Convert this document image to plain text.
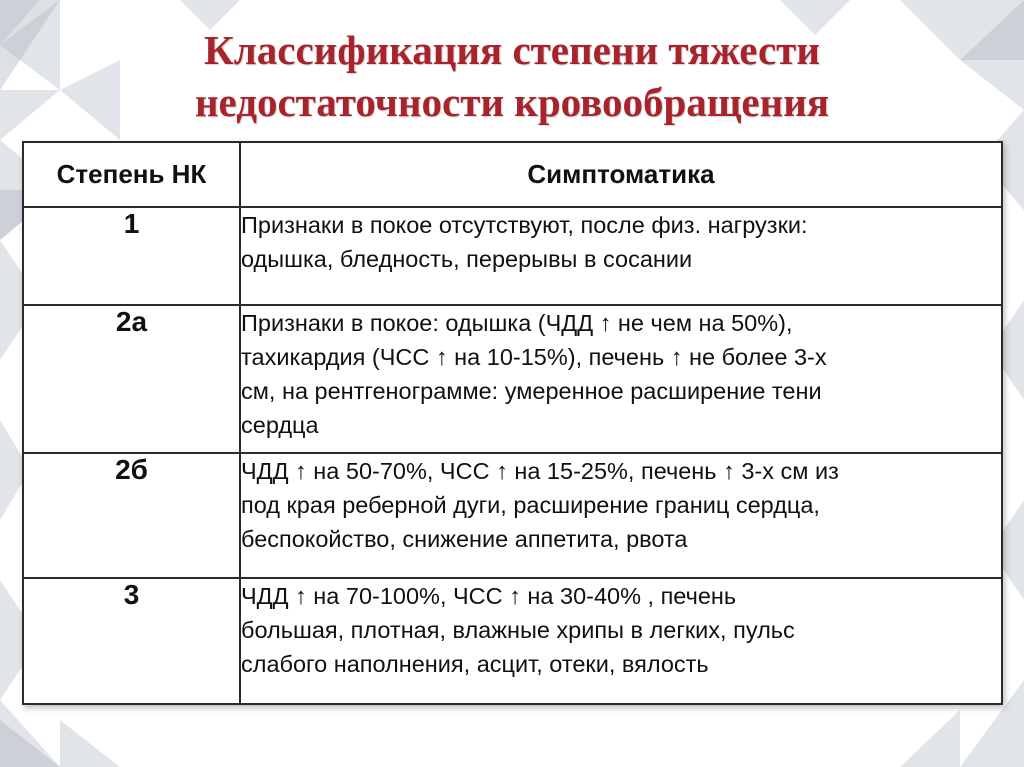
Классификация степени тяжести
недостаточности кровообращения
Степень НК	Симптоматика
1	Признаки в покое отсутствуют, после физ. нагрузки:
одышка, бледность, перерывы в сосании

2а	Признаки в покое: одышка (ЧДД ↑ не чем на 50%),
тахикардия (ЧСС ↑ на 10-15%), печень ↑ не более 3-х
см, на рентгенограмме: умеренное расширение тени
сердца

2б	ЧДД ↑ на 50-70%, ЧСС ↑ на 15-25%, печень ↑ 3-х см из
под края реберной дуги, расширение границ сердца,
беспокойство, снижение аппетита, рвота

3	ЧДД ↑ на 70-100%, ЧСС ↑ на 30-40% , печень
большая, плотная, влажные хрипы в легких, пульс
слабого наполнения, асцит, отеки, вялость
